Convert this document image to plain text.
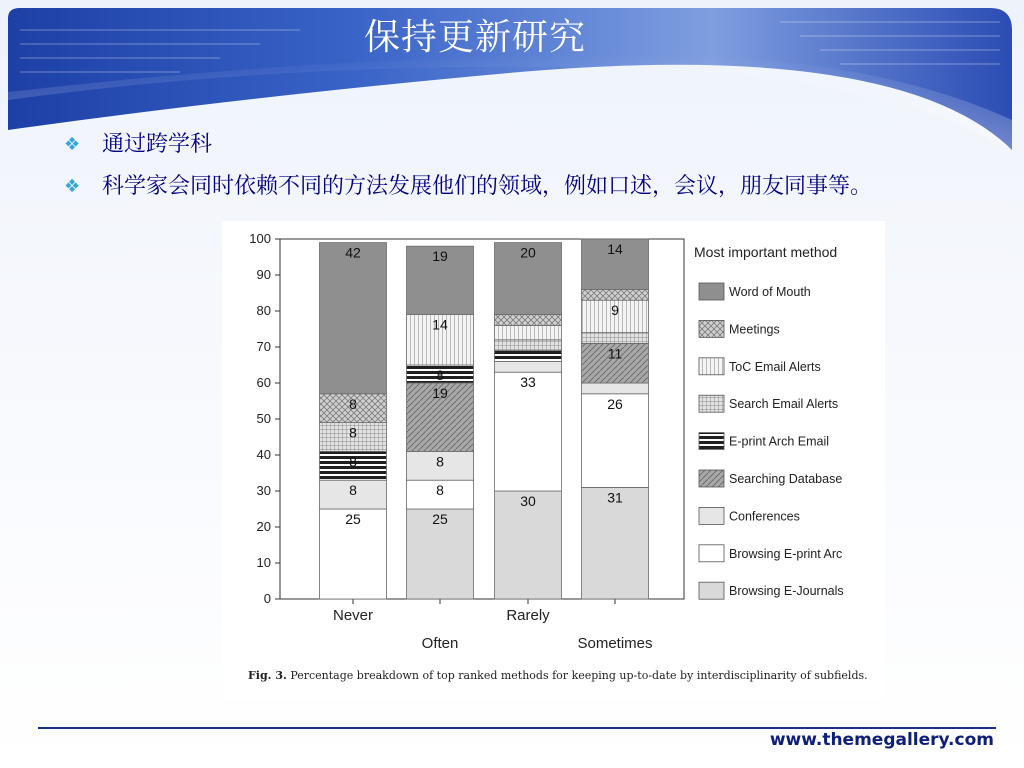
保持更新研究
❖ 通过跨学科
❖ 科学家会同时依赖不同的方法发展他们的领域，例如口述，会议，朋友同事等。
0
10
20
30
40
50
60
70
80
90
100
Never
Often
Rarely
Sometimes
25
8
8
8
8
42
25
8
8
19
8
14
19
30
33
20
31
26
11
9
14	Most important method
Word of Mouth
Meetings
ToC Email Alerts
Search Email Alerts
E-print Arch Email
Searching Database
Conferences
Browsing E-print Arc
Browsing E-Journals
Fig. 3. Percentage breakdown of top ranked methods for keeping up-to-date by interdisciplinarity of subfields.
www.themegallery.com
